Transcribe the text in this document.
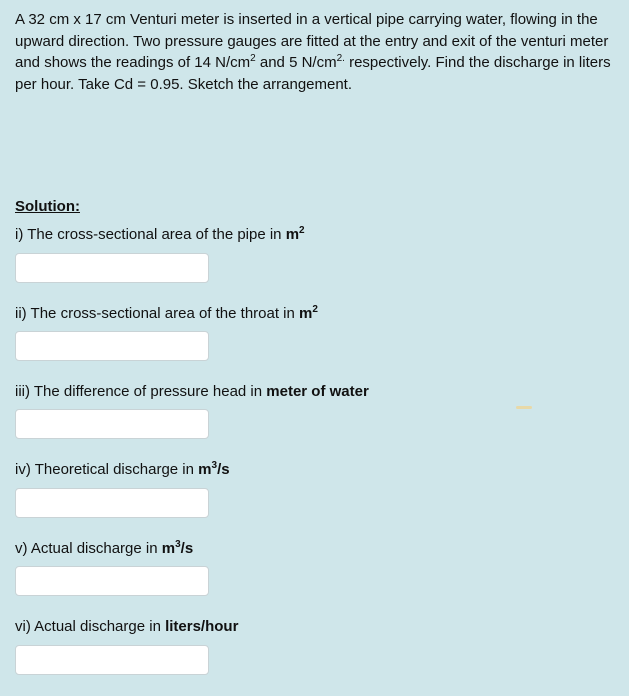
A 32 cm x 17 cm Venturi meter is inserted in a vertical pipe carrying water, flowing in the upward direction. Two pressure gauges are fitted at the entry and exit of the venturi meter and shows the readings of 14 $N/cm^2$ and 5 $N/cm^{2.}$ respectively. Find the discharge in liters per hour. Take Cd = 0.95. Sketch the arrangement.

Solution:

i) The cross-sectional area of the pipe in $m^2$

ii) The cross-sectional area of the throat in $m^2$

iii) The difference of pressure head in meter of water

iv) Theoretical discharge in $m^3/s$

v) Actual discharge in $m^3/s$

vi) Actual discharge in liters/hour
